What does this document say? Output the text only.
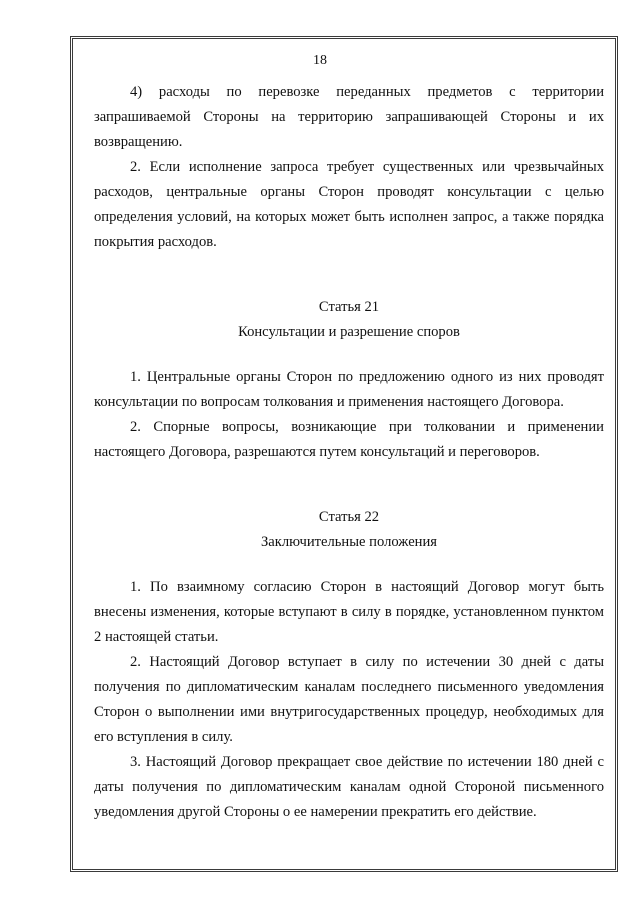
18

4) расходы по перевозке переданных предметов с территории запрашиваемой Стороны на территорию запрашивающей Стороны и их возвращению.

2. Если исполнение запроса требует существенных или чрезвычайных расходов, центральные органы Сторон проводят консультации с целью определения условий, на которых может быть исполнен запрос, а также порядка покрытия расходов.

Статья 21

Консультации и разрешение споров

1. Центральные органы Сторон по предложению одного из них проводят консультации по вопросам толкования и применения настоящего Договора.

2. Спорные вопросы, возникающие при толковании и применении настоящего Договора, разрешаются путем консультаций и переговоров.

Статья 22

Заключительные положения

1. По взаимному согласию Сторон в настоящий Договор могут быть внесены изменения, которые вступают в силу в порядке, установленном пунктом 2 настоящей статьи.

2. Настоящий Договор вступает в силу по истечении 30 дней с даты получения по дипломатическим каналам последнего письменного уведомления Сторон о выполнении ими внутригосударственных процедур, необходимых для его вступления в силу.

3. Настоящий Договор прекращает свое действие по истечении 180 дней с даты получения по дипломатическим каналам одной Стороной письменного уведомления другой Стороны о ее намерении прекратить его действие.
